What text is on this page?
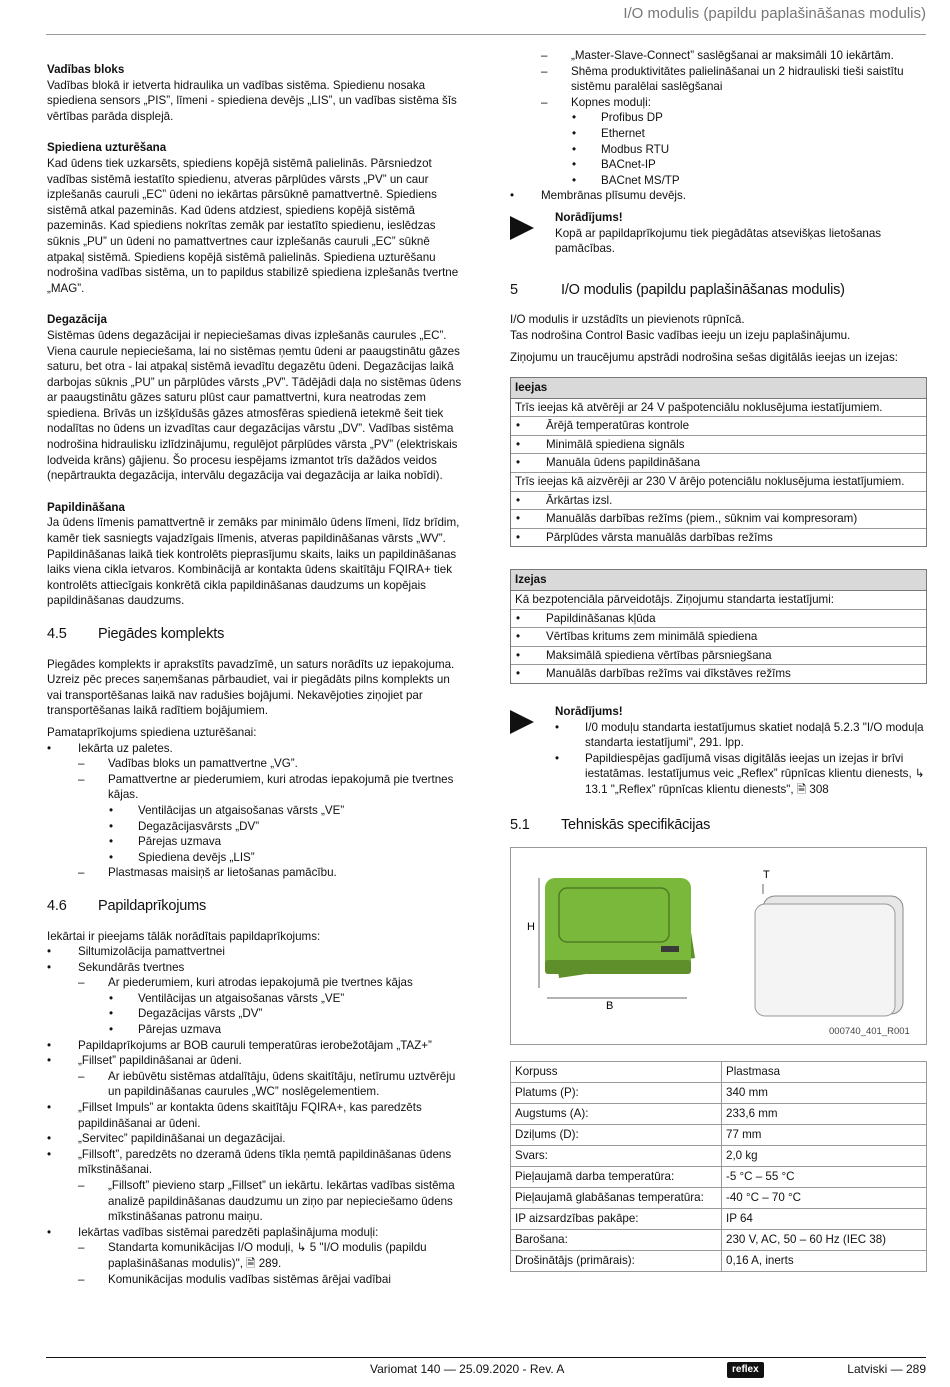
I/O modulis (papildu paplašināšanas modulis)

Vadības bloks

Vadības blokā ir ietverta hidraulika un vadības sistēma. Spiedienu nosaka spiediena sensors „PIS”, līmeni - spiediena devējs „LIS”, un vadības sistēma šīs vērtības parāda displejā.

Spiediena uzturēšana

Kad ūdens tiek uzkarsēts, spiediens kopējā sistēmā palielinās. Pārsniedzot vadības sistēmā iestatīto spiedienu, atveras pārplūdes vārsts „PV” un caur izplešanās cauruli „EC” ūdeni no iekārtas pārsūknē pamattvertnē. Spiediens sistēmā atkal pazeminās. Kad ūdens atdziest, spiediens kopējā sistēmā pazeminās. Kad spiediens nokrītas zemāk par iestatīto spiedienu, ieslēdzas sūknis „PU” un ūdeni no pamattvertnes caur izplešanās cauruli „EC” sūknē atpakaļ sistēmā. Spiediens kopējā sistēmā palielinās. Spiediena uzturēšanu nodrošina vadības sistēma, un to papildus stabilizē spiediena izplešanās tvertne „MAG”.

Degazācija

Sistēmas ūdens degazācijai ir nepieciešamas divas izplešanās caurules „EC”. Viena caurule nepieciešama, lai no sistēmas ņemtu ūdeni ar paaugstinātu gāzes saturu, bet otra - lai atpakaļ sistēmā ievadītu degazētu ūdeni. Degazācijas laikā darbojas sūknis „PU” un pārplūdes vārsts „PV”. Tādējādi daļa no sistēmas ūdens ar paaugstinātu gāzes saturu plūst caur pamattvertni, kura neatrodas zem spiediena. Brīvās un izšķīdušās gāzes atmosfēras spiedienā ietekmē šeit tiek nodalītas no ūdens un izvadītas caur degazācijas vārstu „DV”. Vadības sistēma nodrošina hidraulisku izlīdzinājumu, regulējot pārplūdes vārsta „PV” (elektriskais lodveida krāns) gājienu. Šo procesu iespējams izmantot trīs dažādos veidos (nepārtraukta degazācija, intervālu degazācija vai degazācija ar laika nobīdi).

Papildināšana

Ja ūdens līmenis pamattvertnē ir zemāks par minimālo ūdens līmeni, līdz brīdim, kamēr tiek sasniegts vajadzīgais līmenis, atveras papildināšanas vārsts „WV”. Papildināšanas laikā tiek kontrolēts pieprasījumu skaits, laiks un papildināšanas laiks viena cikla ietvaros. Kombinācijā ar kontakta ūdens skaitītāju FQIRA+ tiek kontrolēts attiecīgais konkrētā cikla papildināšanas daudzums un kopējais papildināšanas daudzums.

4.5 Piegādes komplekts

Piegādes komplekts ir aprakstīts pavadzīmē, un saturs norādīts uz iepakojuma. Uzreiz pēc preces saņemšanas pārbaudiet, vai ir piegādāts pilns komplekts un vai transportēšanas laikā nav radušies bojājumi. Nekavējoties ziņojiet par transportēšanas laikā radītiem bojājumiem.

Pamataprīkojums spiediena uzturēšanai:

• Iekārta uz paletes.
– Vadības bloks un pamattvertne „VG”.
– Pamattvertne ar piederumiem, kuri atrodas iepakojumā pie tvertnes kājas.
• Ventilācijas un atgaisošanas vārsts „VE”
• Degazācijasvārsts „DV”
• Pārejas uzmava
• Spiediena devējs „LIS”
– Plastmasas maisiņš ar lietošanas pamācību.
4.6 Papildaprīkojums

Iekārtai ir pieejams tālāk norādītais papildaprīkojums:

• Siltumizolācija pamattvertnei
• Sekundārās tvertnes
– Ar piederumiem, kuri atrodas iepakojumā pie tvertnes kājas
• Ventilācijas un atgaisošanas vārsts „VE”
• Degazācijas vārsts „DV”
• Pārejas uzmava
• Papildaprīkojums ar BOB cauruli temperatūras ierobežotājam „TAZ+”
• „Fillset” papildināšanai ar ūdeni.
– Ar iebūvētu sistēmas atdalītāju, ūdens skaitītāju, netīrumu uztvērēju un papildināšanas caurules „WC” noslēgelementiem.
• „Fillset Impuls” ar kontakta ūdens skaitītāju FQIRA+, kas paredzēts papildināšanai ar ūdeni.
• „Servitec” papildināšanai un degazācijai.
• „Fillsoft”, paredzēts no dzeramā ūdens tīkla ņemtā papildināšanas ūdens mīkstināšanai.
– „Fillsoft” pievieno starp „Fillset” un iekārtu. Iekārtas vadības sistēma analizē papildināšanas daudzumu un ziņo par nepieciešamo ūdens mīkstināšanas patronu maiņu.
• Iekārtas vadības sistēmai paredzēti paplašinājuma moduļi:
– Standarta komunikācijas I/O moduļi, ↳ 5 "I/O modulis (papildu paplašināšanas modulis)", 🗎 289.
– Komunikācijas modulis vadības sistēmas ārējai vadībai
– „Master-Slave-Connect” saslēgšanai ar maksimāli 10 iekārtām.
– Shēma produktivitātes palielināšanai un 2 hidrauliski tieši saistītu sistēmu paralēlai saslēgšanai
– Kopnes moduļi:
• Profibus DP
• Ethernet
• Modbus RTU
• BACnet-IP
• BACnet MS/TP
• Membrānas plīsumu devējs.
Norādījums!
Kopā ar papildaprīkojumu tiek piegādātas atsevišķas lietošanas pamācības.
5	I/O modulis (papildu paplašināšanas modulis)

I/O modulis ir uzstādīts un pievienots rūpnīcā.

Tas nodrošina Control Basic vadības ieeju un izeju paplašinājumu.

Ziņojumu un traucējumu apstrādi nodrošina sešas digitālās ieejas un izejas:

Ieejas
Trīs ieejas kā atvērēji ar 24 V pašpotenciālu noklusējuma iestatījumiem.
• Ārējā temperatūras kontrole
• Minimālā spiediena signāls
• Manuāla ūdens papildināšana
Trīs ieejas kā aizvērēji ar 230 V ārējo potenciālu noklusējuma iestatījumiem.
• Ārkārtas izsl.
• Manuālās darbības režīms (piem., sūknim vai kompresoram)
• Pārplūdes vārsta manuālās darbības režīms
Izejas
Kā bezpotenciāla pārveidotājs. Ziņojumu standarta iestatījumi:
• Papildināšanas kļūda
• Vērtības kritums zem minimālā spiediena
• Maksimālā spiediena vērtības pārsniegšana
• Manuālās darbības režīms vai dīkstāves režīms
Norādījums!
• I/0 moduļu standarta iestatījumus skatiet nodaļā 5.2.3 "I/O moduļa standarta iestatījumi", 291. lpp.
• Papildiespējas gadījumā visas digitālās ieejas un izejas ir brīvi iestatāmas. Iestatījumus veic „Reflex” rūpnīcas klientu dienests, ↳ 13.1 "„Reflex” rūpnīcas klientu dienests", 🗎 308
5.1 Tehniskās specifikācijas
H
B
T
000740_401_R001
Korpuss	Plastmasa
Platums (P):	340 mm
Augstums (A):	233,6 mm
Dziļums (D):	77 mm
Svars:	2,0 kg
Pieļaujamā darba temperatūra:	-5 °C – 55 °C
Pieļaujamā glabāšanas temperatūra:	-40 °C – 70 °C
IP aizsardzības pakāpe:	IP 64
Barošana:	230 V, AC, 50 – 60 Hz (IEC 38)
Drošinātājs (primārais):	0,16 A, inerts
Variomat 140 — 25.09.2020 - Rev. A	reflex	Latviski — 289
